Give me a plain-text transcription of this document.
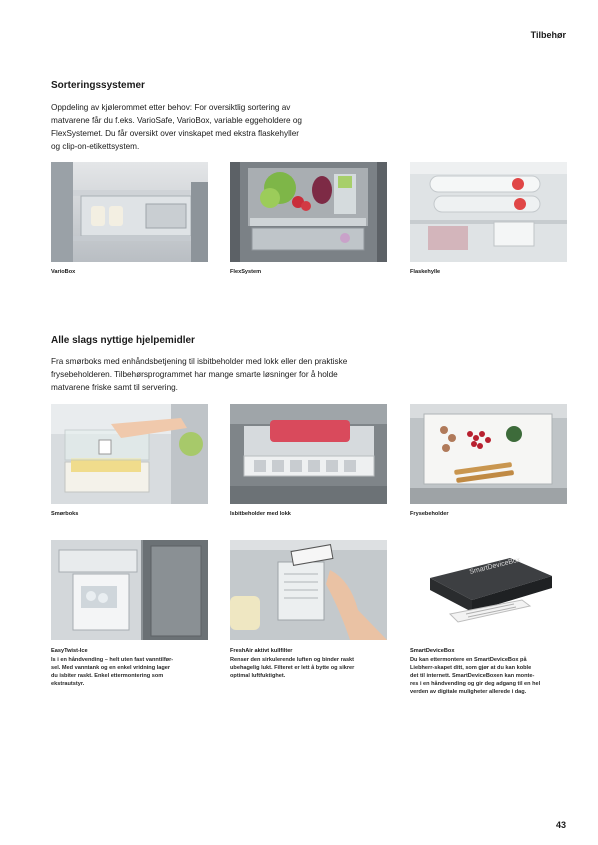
Tilbehør
Sorteringssystemer
Oppdeling av kjølerommet etter behov: For oversiktlig sortering av
matvarene får du f.eks. VarioSafe, VarioBox, variable eggeholdere og
FlexSystemet. Du får oversikt over vinskapet med ekstra flaskehyller
og clip-on-etikettsystem.
VarioBox	FlexSystem	Flaskehylle
Alle slags nyttige hjelpemidler
Fra smørboks med enhåndsbetjening til isbitbeholder med lokk eller den praktiske
frysebeholderen. Tilbehørsprogrammet har mange smarte løsninger for å holde
matvarene friske samt til servering.
Smørboks	Isbitbeholder med lokk	Frysebeholder
EasyTwist-Ice
Is i en håndvending – helt uten fast vanntilfør-
sel. Med vanntank og en enkel vridning lager
du isbiter raskt. Enkel ettermontering som
ekstrautstyr.
FreshAir aktivt kullfilter
Renser den sirkulerende luften og binder raskt
ubehagelig lukt. Filteret er lett å bytte og sikrer
optimal luftfuktighet.
SmartDeviceBox
SmartDeviceBox
Du kan ettermontere en SmartDeviceBox på
Liebherr-skapet ditt, som gjør at du kan koble
det til internett. SmartDeviceBoxen kan monte-
res i en håndvending og gir deg adgang til en hel
verden av digitale muligheter allerede i dag.
43
